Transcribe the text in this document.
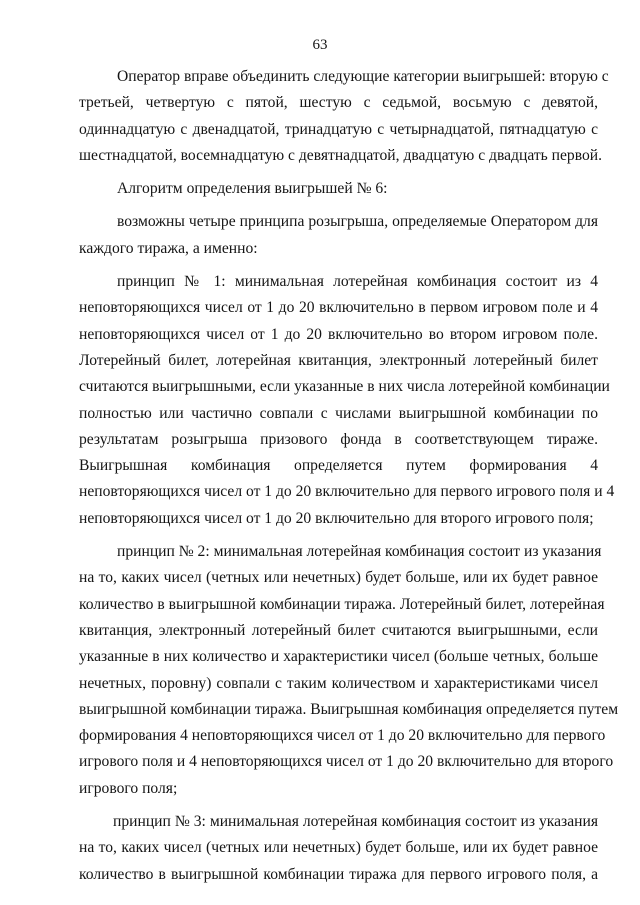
63
Оператор вправе объединить следующие категории выигрышей: вторую с
третьей, четвертую с пятой, шестую с седьмой, восьмую с девятой,
одиннадцатую с двенадцатой, тринадцатую с четырнадцатой, пятнадцатую с
шестнадцатой, восемнадцатую с девятнадцатой, двадцатую с двадцать первой.
Алгоритм определения выигрышей № 6:
возможны четыре принципа розыгрыша, определяемые Оператором для
каждого тиража, а именно:
принцип № 1: минимальная лотерейная комбинация состоит из 4
неповторяющихся чисел от 1 до 20 включительно в первом игровом поле и 4
неповторяющихся чисел от 1 до 20 включительно во втором игровом поле.
Лотерейный билет, лотерейная квитанция, электронный лотерейный билет
считаются выигрышными, если указанные в них числа лотерейной комбинации
полностью или частично совпали с числами выигрышной комбинации по
результатам розыгрыша призового фонда в соответствующем тираже.
Выигрышная комбинация определяется путем формирования 4
неповторяющихся чисел от 1 до 20 включительно для первого игрового поля и 4
неповторяющихся чисел от 1 до 20 включительно для второго игрового поля;
принцип № 2: минимальная лотерейная комбинация состоит из указания
на то, каких чисел (четных или нечетных) будет больше, или их будет равное
количество в выигрышной комбинации тиража. Лотерейный билет, лотерейная
квитанция, электронный лотерейный билет считаются выигрышными, если
указанные в них количество и характеристики чисел (больше четных, больше
нечетных, поровну) совпали с таким количеством и характеристиками чисел
выигрышной комбинации тиража. Выигрышная комбинация определяется путем
формирования 4 неповторяющихся чисел от 1 до 20 включительно для первого
игрового поля и 4 неповторяющихся чисел от 1 до 20 включительно для второго
игрового поля;
принцип № 3: минимальная лотерейная комбинация состоит из указания
на то, каких чисел (четных или нечетных) будет больше, или их будет равное
количество в выигрышной комбинации тиража для первого игрового поля, а
